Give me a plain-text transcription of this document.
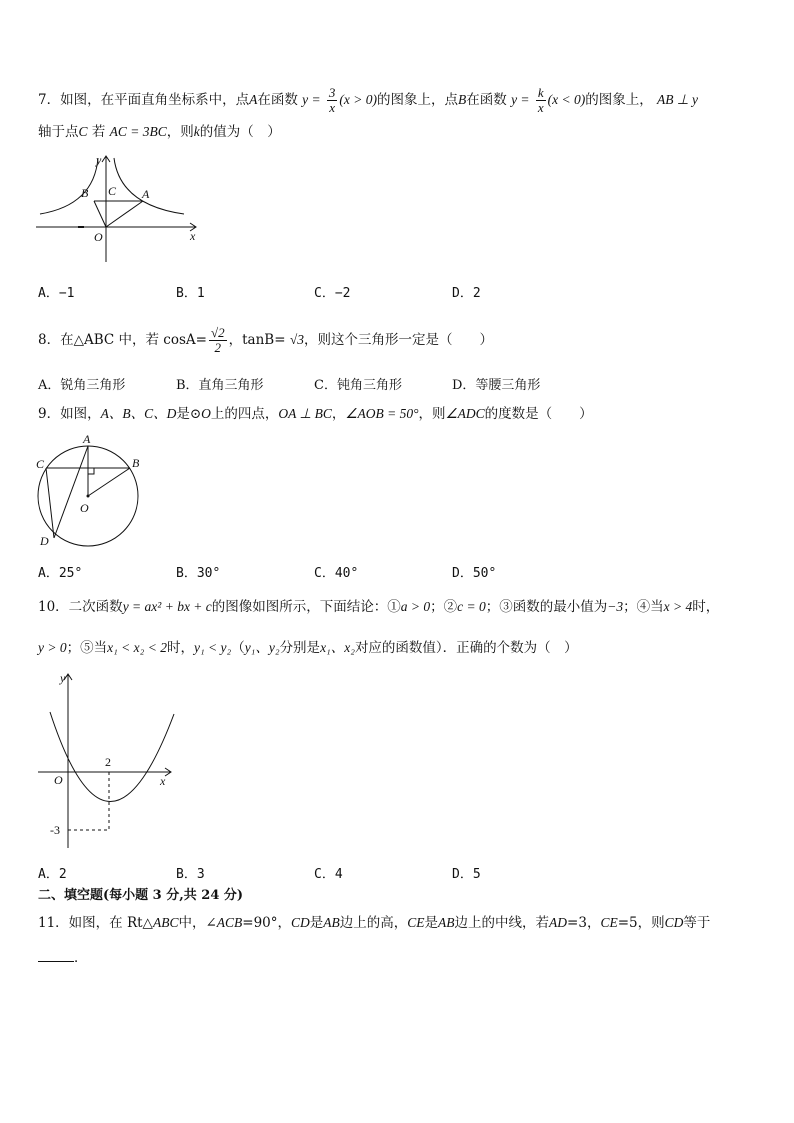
7．如图，在平面直角坐标系中，点A在函数 $y = \frac{3}{x} (x > 0)$的图象上，点B在函数 $y = \frac{k}{x} (x < 0)$的图象上， AB ⊥ y
轴于点C 若 AC = 3BC，则k的值为（　）
y
x
B C A
O
A．−1	B．1	C．−2	D．2
8．在△ABC 中，若 $\cos A= \frac{√2}{2}$ ，tanB= √3，则这个三角形一定是（　　）
A．锐角三角形	B．直角三角形	C．钝角三角形	D．等腰三角形
9．如图，A、B、C、D是⊙O上的四点，OA ⊥ BC，∠AOB = 50°，则∠ADC的度数是（　　）
A
B
C
D
O
A．25°	B．30°	C．40°	D．50°
10．二次函数y = ax² + bx + c的图像如图所示，下面结论：①a > 0；②c = 0；③函数的最小值为−3；④当x > 4时，
y > 0；⑤当x₁ < x₂ < 2时，y₁ < y₂（y₁、y₂分别是x₁、x₂对应的函数值）．正确的个数为（　）
y
x
O
2
-3
A．2	B．3	C．4	D．5
二、填空题(每小题 3 分,共 24 分)
11．如图，在 Rt△ABC中，∠ACB=90°，CD是AB边上的高，CE是AB边上的中线，若AD=3，CE=5，则CD等于
．
